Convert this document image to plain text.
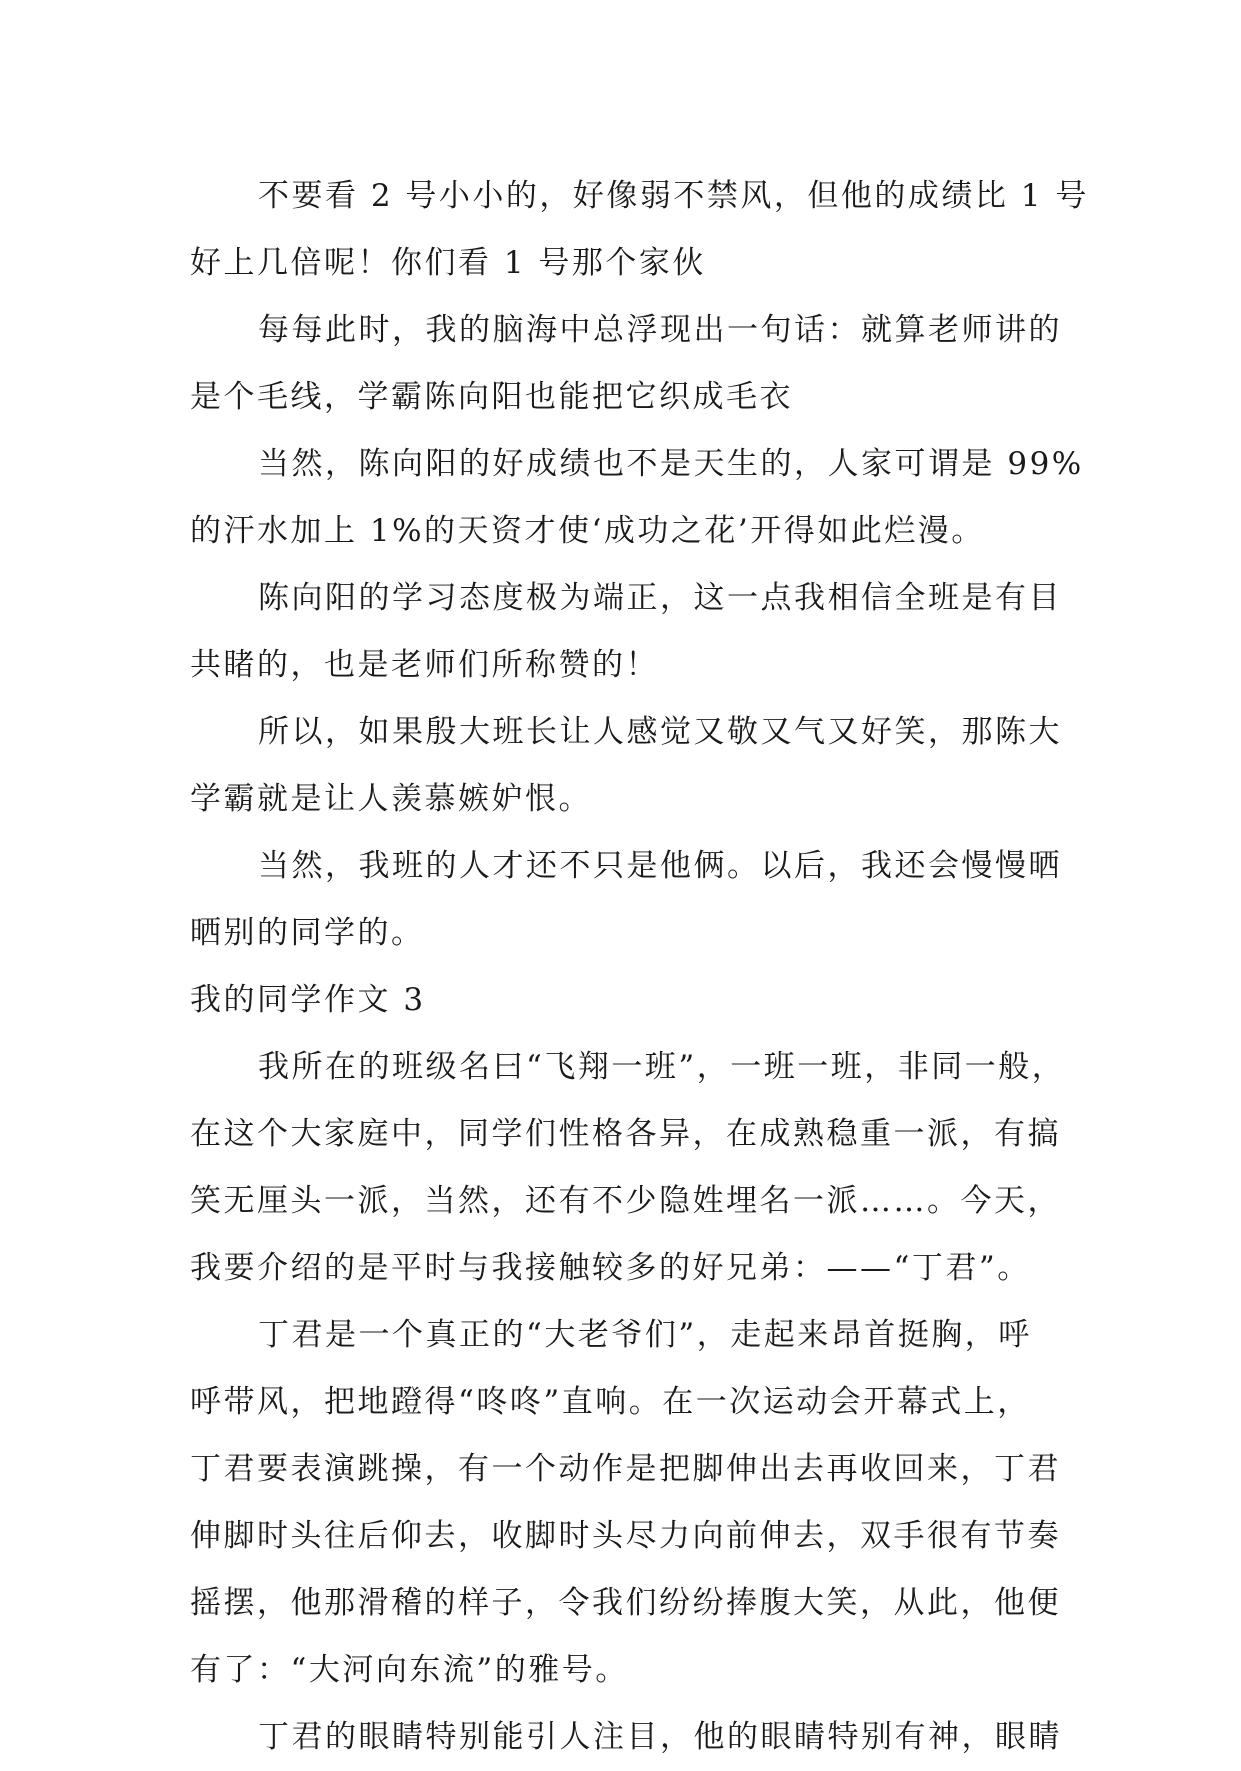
不要看 2 号小小的，好像弱不禁风，但他的成绩比 1 号
好上几倍呢！你们看 1 号那个家伙
每每此时，我的脑海中总浮现出一句话：就算老师讲的
是个毛线，学霸陈向阳也能把它织成毛衣
当然，陈向阳的好成绩也不是天生的，人家可谓是 99%
的汗水加上 1%的天资才使‘成功之花’开得如此烂漫。
陈向阳的学习态度极为端正，这一点我相信全班是有目
共睹的，也是老师们所称赞的！
所以，如果殷大班长让人感觉又敬又气又好笑，那陈大
学霸就是让人羡慕嫉妒恨。
当然，我班的人才还不只是他俩。以后，我还会慢慢晒
晒别的同学的。
我的同学作文 3
我所在的班级名曰“飞翔一班”，一班一班，非同一般，
在这个大家庭中，同学们性格各异，在成熟稳重一派，有搞
笑无厘头一派，当然，还有不少隐姓埋名一派……。今天，
我要介绍的是平时与我接触较多的好兄弟：——“丁君”。
丁君是一个真正的“大老爷们”，走起来昂首挺胸，呼
呼带风，把地蹬得“咚咚”直响。在一次运动会开幕式上，
丁君要表演跳操，有一个动作是把脚伸出去再收回来，丁君
伸脚时头往后仰去，收脚时头尽力向前伸去，双手很有节奏
摇摆，他那滑稽的样子，令我们纷纷捧腹大笑，从此，他便
有了：“大河向东流”的雅号。
丁君的眼睛特别能引人注目，他的眼睛特别有神，眼睛
